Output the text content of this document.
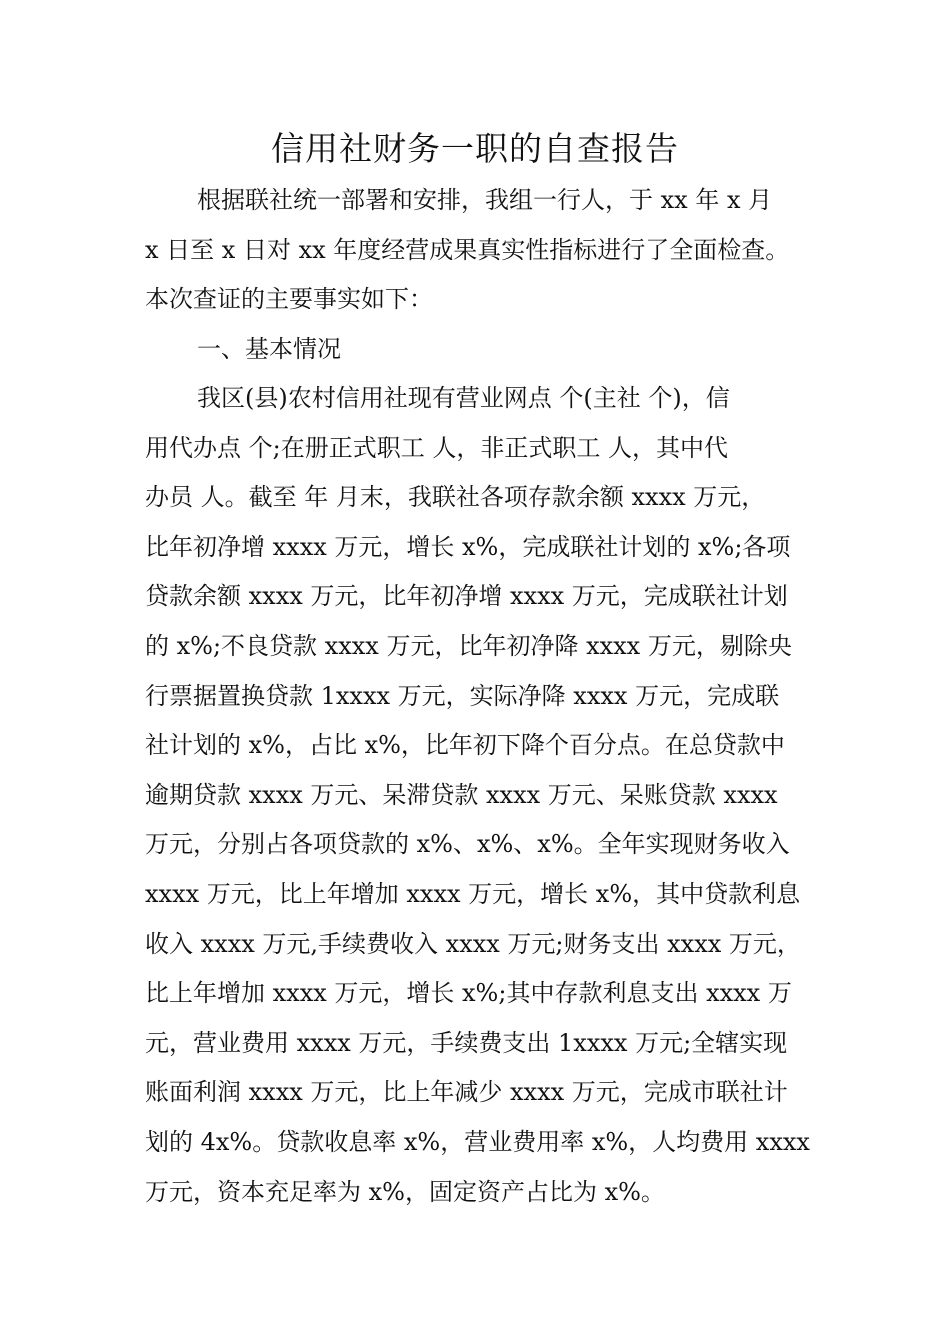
信用社财务一职的自查报告
根据联社统一部署和安排，我组一行人，于 xx 年 x 月
x 日至 x 日对 xx 年度经营成果真实性指标进行了全面检查。
本次查证的主要事实如下：
一、基本情况
我区(县)农村信用社现有营业网点 个(主社 个)，信
用代办点 个;在册正式职工 人，非正式职工 人，其中代
办员 人。截至 年 月末，我联社各项存款余额 xxxx 万元，
比年初净增 xxxx 万元，增长 x%，完成联社计划的 x%;各项
贷款余额 xxxx 万元，比年初净增 xxxx 万元，完成联社计划
的 x%;不良贷款 xxxx 万元，比年初净降 xxxx 万元，剔除央
行票据置换贷款 1xxxx 万元，实际净降 xxxx 万元，完成联
社计划的 x%，占比 x%，比年初下降个百分点。在总贷款中
逾期贷款 xxxx 万元、呆滞贷款 xxxx 万元、呆账贷款 xxxx
万元，分别占各项贷款的 x%、x%、x%。全年实现财务收入
xxxx 万元，比上年增加 xxxx 万元，增长 x%，其中贷款利息
收入 xxxx 万元,手续费收入 xxxx 万元;财务支出 xxxx 万元，
比上年增加 xxxx 万元，增长 x%;其中存款利息支出 xxxx 万
元，营业费用 xxxx 万元，手续费支出 1xxxx 万元;全辖实现
账面利润 xxxx 万元，比上年减少 xxxx 万元，完成市联社计
划的 4x%。贷款收息率 x%，营业费用率 x%，人均费用 xxxx
万元，资本充足率为 x%，固定资产占比为 x%。
